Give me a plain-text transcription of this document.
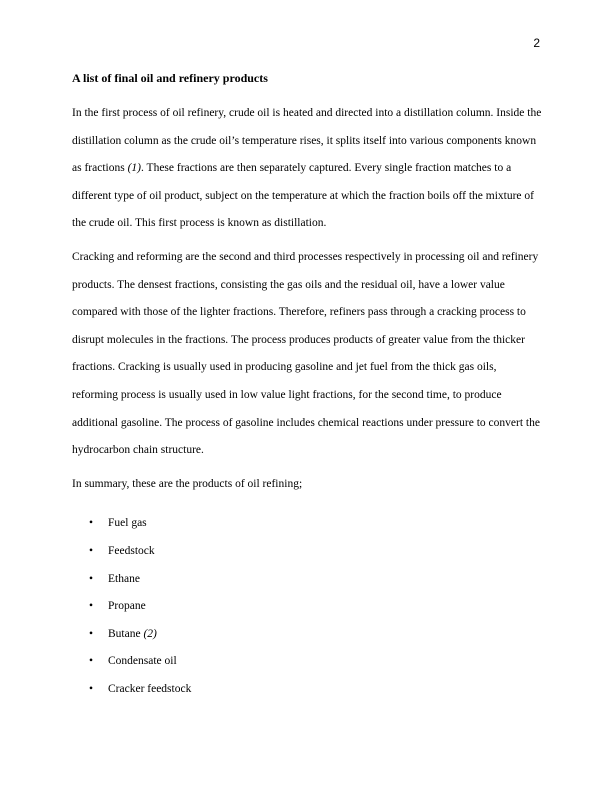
2
A list of final oil and refinery products

In the first process of oil refinery, crude oil is heated and directed into a distillation column. Inside the distillation column as the crude oil’s temperature rises, it splits itself into various components known as fractions (1). These fractions are then separately captured. Every single fraction matches to a different type of oil product, subject on the temperature at which the fraction boils off the mixture of the crude oil. This first process is known as distillation.

Cracking and reforming are the second and third processes respectively in processing oil and refinery products. The densest fractions, consisting the gas oils and the residual oil, have a lower value compared with those of the lighter fractions. Therefore, refiners pass through a cracking process to disrupt molecules in the fractions. The process produces products of greater value from the thicker fractions. Cracking is usually used in producing gasoline and jet fuel from the thick gas oils, reforming process is usually used in low value light fractions, for the second time, to produce additional gasoline. The process of gasoline includes chemical reactions under pressure to convert the hydrocarbon chain structure.

In summary, these are the products of oil refining;

• Fuel gas
• Feedstock
• Ethane
• Propane
• Butane (2)
• Condensate oil
• Cracker feedstock
